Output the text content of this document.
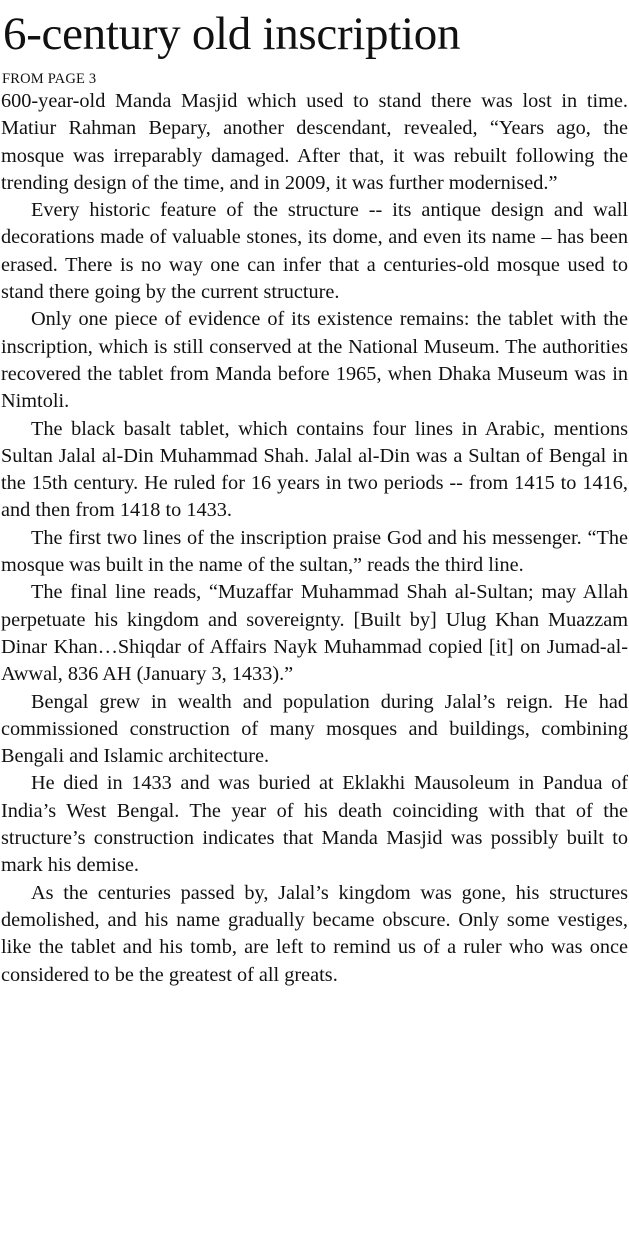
6-century old inscription
FROM PAGE 3

600-year-old Manda Masjid which used to stand there was lost in time. Matiur Rahman Bepary, another descendant, revealed, “Years ago, the mosque was irreparably damaged. After that, it was rebuilt following the trending design of the time, and in 2009, it was further modernised.”

Every historic feature of the structure -- its antique design and wall decorations made of valuable stones, its dome, and even its name – has been erased. There is no way one can infer that a centuries-old mosque used to stand there going by the current structure.

Only one piece of evidence of its existence remains: the tablet with the inscription, which is still conserved at the National Museum. The authorities recovered the tablet from Manda before 1965, when Dhaka Museum was in Nimtoli.

The black basalt tablet, which contains four lines in Arabic, mentions Sultan Jalal al-Din Muhammad Shah. Jalal al-Din was a Sultan of Bengal in the 15th century. He ruled for 16 years in two periods -- from 1415 to 1416, and then from 1418 to 1433.

The first two lines of the inscription praise God and his messenger. “The mosque was built in the name of the sultan,” reads the third line.

The final line reads, “Muzaffar Muhammad Shah al-Sultan; may Allah perpetuate his kingdom and sovereignty. [Built by] Ulug Khan Muazzam Dinar Khan…Shiqdar of Affairs Nayk Muhammad copied [it] on Jumad-al-Awwal, 836 AH (January 3, 1433).”

Bengal grew in wealth and population during Jalal’s reign. He had commissioned construction of many mosques and buildings, combining Bengali and Islamic architecture.

He died in 1433 and was buried at Eklakhi Mausoleum in Pandua of India’s West Bengal. The year of his death coinciding with that of the structure’s construction indicates that Manda Masjid was possibly built to mark his demise.

As the centuries passed by, Jalal’s kingdom was gone, his structures demolished, and his name gradually became obscure. Only some vestiges, like the tablet and his tomb, are left to remind us of a ruler who was once considered to be the greatest of all greats.
